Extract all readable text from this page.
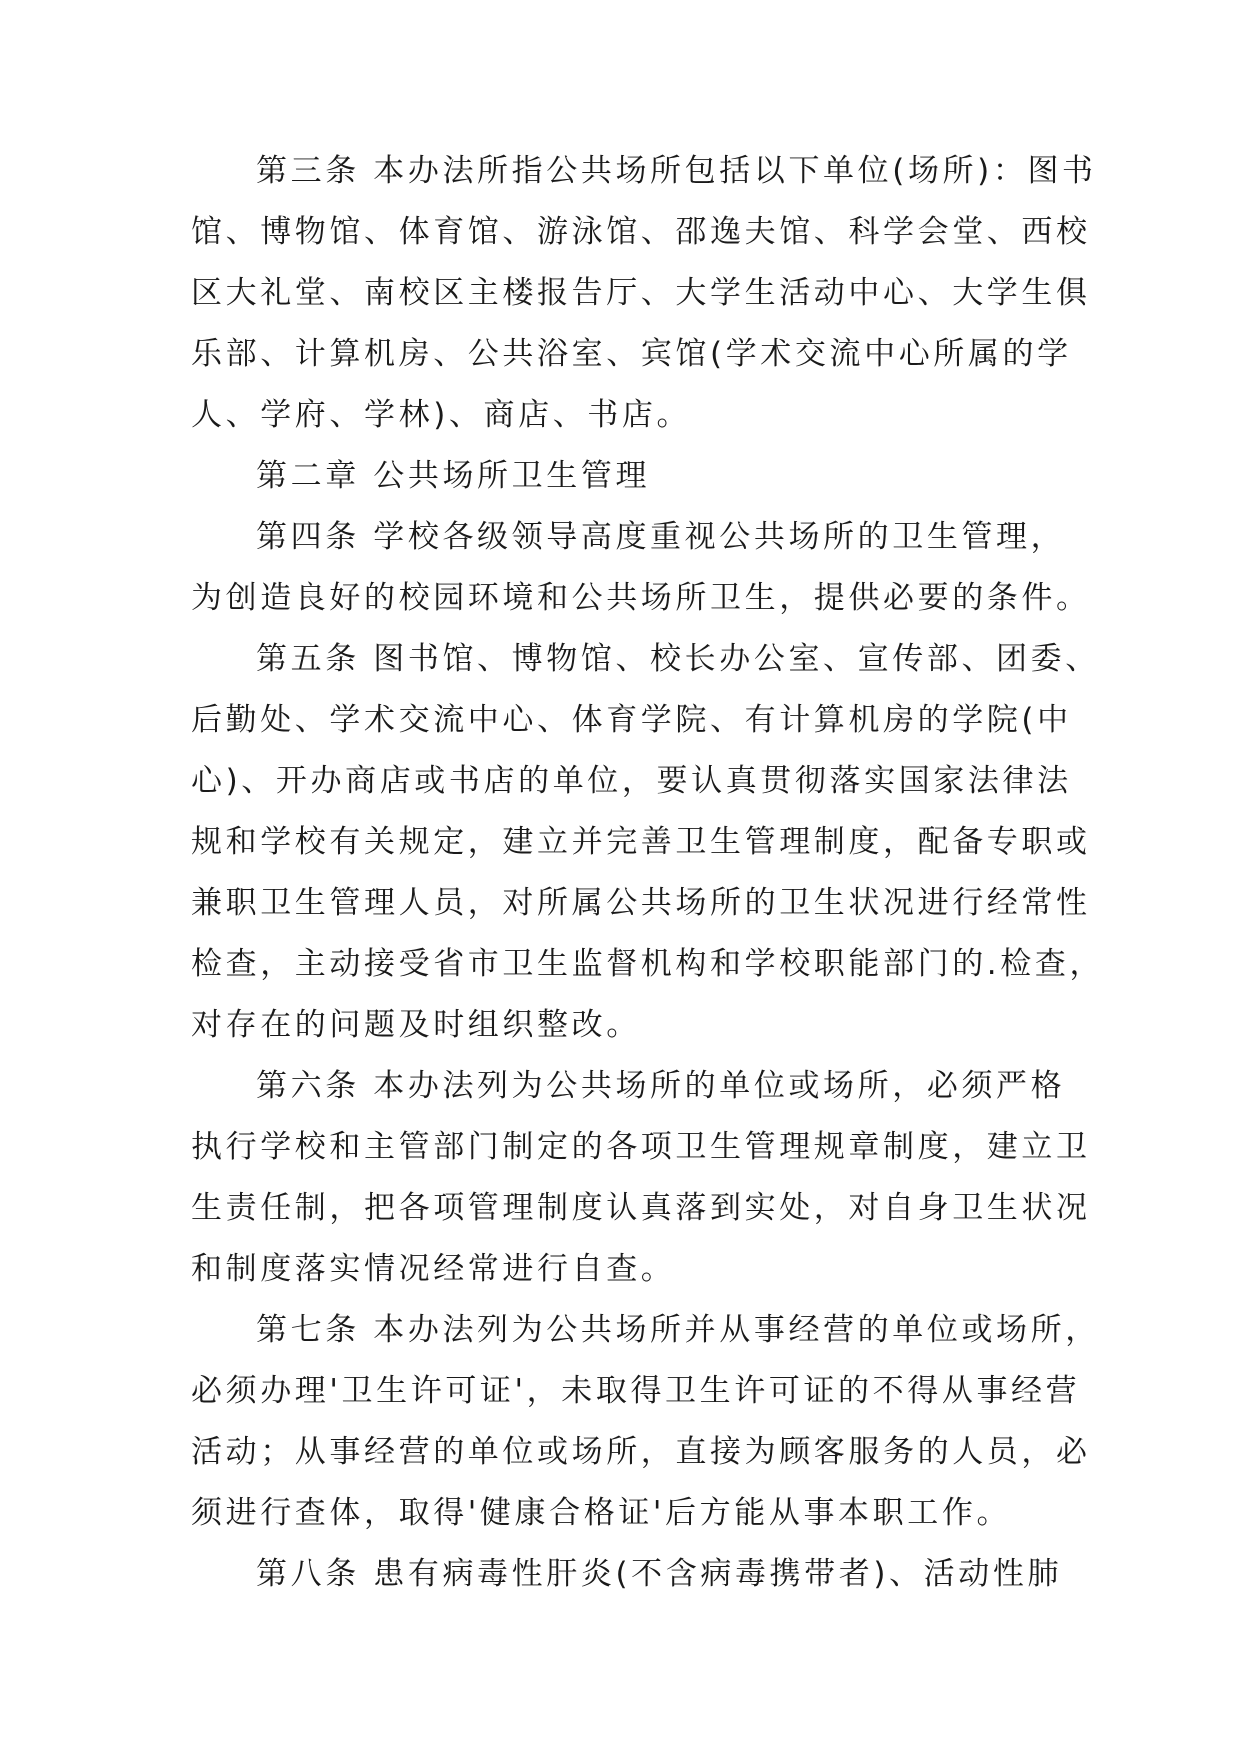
第三条 本办法所指公共场所包括以下单位(场所)：图书
馆、博物馆、体育馆、游泳馆、邵逸夫馆、科学会堂、西校
区大礼堂、南校区主楼报告厅、大学生活动中心、大学生俱
乐部、计算机房、公共浴室、宾馆(学术交流中心所属的学
人、学府、学林)、商店、书店。
第二章 公共场所卫生管理
第四条 学校各级领导高度重视公共场所的卫生管理，
为创造良好的校园环境和公共场所卫生，提供必要的条件。
第五条 图书馆、博物馆、校长办公室、宣传部、团委、
后勤处、学术交流中心、体育学院、有计算机房的学院(中
心)、开办商店或书店的单位，要认真贯彻落实国家法律法
规和学校有关规定，建立并完善卫生管理制度，配备专职或
兼职卫生管理人员，对所属公共场所的卫生状况进行经常性
检查，主动接受省市卫生监督机构和学校职能部门的.检查，
对存在的问题及时组织整改。
第六条 本办法列为公共场所的单位或场所，必须严格
执行学校和主管部门制定的各项卫生管理规章制度，建立卫
生责任制，把各项管理制度认真落到实处，对自身卫生状况
和制度落实情况经常进行自查。
第七条 本办法列为公共场所并从事经营的单位或场所，
必须办理'卫生许可证'，未取得卫生许可证的不得从事经营
活动；从事经营的单位或场所，直接为顾客服务的人员，必
须进行查体，取得'健康合格证'后方能从事本职工作。
第八条 患有病毒性肝炎(不含病毒携带者)、活动性肺
